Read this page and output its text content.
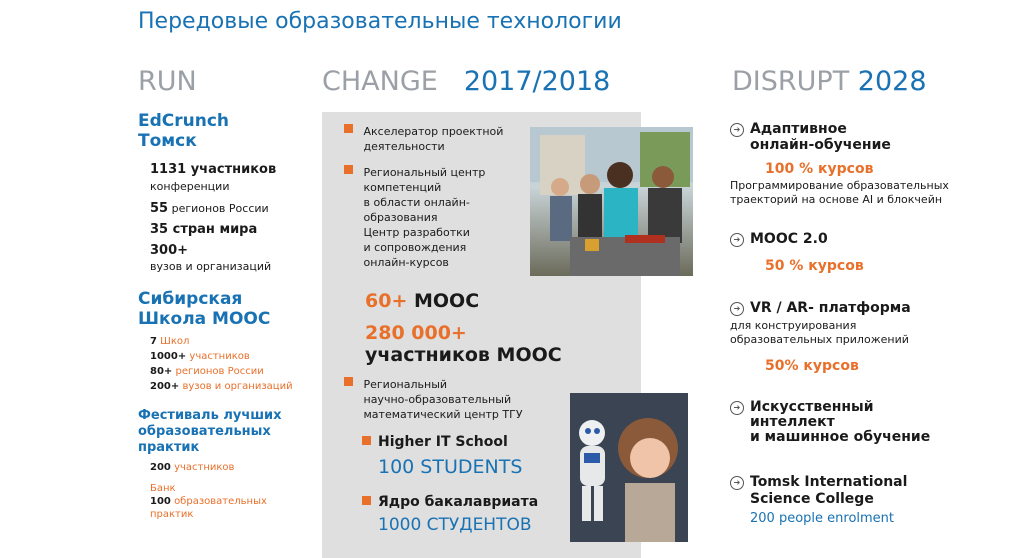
Передовые образовательные технологии
RUN
EdCrunch
Томск
1131 участников
конференции
55 регионов России
35 стран мира
300+
вузов и организаций
Сибирская
Школа МООС
7 Школ
1000+ участников
80+ регионов России
200+ вузов и организаций
Фестиваль лучших
образовательных
практик
200 участников
Банк
100 образовательных
практик
CHANGE 2017/2018
Акселератор проектной
деятельности
Региональный центр
компетенций
в области онлайн-
образования
Центр разработки
и сопровождения
онлайн-курсов
60+ МООС
280 000+
участников МООС
Региональный
научно-образовательный
математический центр ТГУ
Higher IT School
100 STUDENTS
Ядро бакалавриата
1000 СТУДЕНТОВ
DISRUPT 2028
➔ Адаптивное
онлайн-обучение
100 % курсов
Программирование образовательных
траекторий на основе AI и блокчейн
➔ МООС 2.0
50 % курсов
➔ VR / AR- платформа
для конструирования
образовательных приложений
50% курсов
➔ Искусственный
интеллект
и машинное обучение
➔ Tomsk International
Science College
200 people enrolment
